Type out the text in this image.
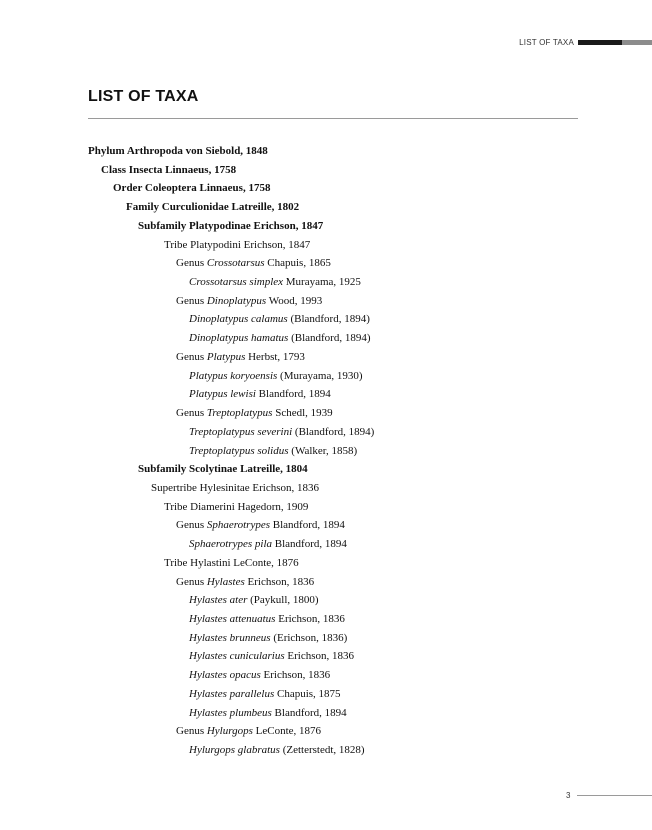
LIST OF TAXA
LIST OF TAXA
Phylum Arthropoda von Siebold, 1848
Class Insecta Linnaeus, 1758
Order Coleoptera Linnaeus, 1758
Family Curculionidae Latreille, 1802
Subfamily Platypodinae Erichson, 1847
Tribe Platypodini Erichson, 1847
Genus Crossotarsus Chapuis, 1865
Crossotarsus simplex Murayama, 1925
Genus Dinoplatypus Wood, 1993
Dinoplatypus calamus (Blandford, 1894)
Dinoplatypus hamatus (Blandford, 1894)
Genus Platypus Herbst, 1793
Platypus koryoensis (Murayama, 1930)
Platypus lewisi Blandford, 1894
Genus Treptoplatypus Schedl, 1939
Treptoplatypus severini (Blandford, 1894)
Treptoplatypus solidus (Walker, 1858)
Subfamily Scolytinae Latreille, 1804
Supertribe Hylesinitae Erichson, 1836
Tribe Diamerini Hagedorn, 1909
Genus Sphaerotrypes Blandford, 1894
Sphaerotrypes pila Blandford, 1894
Tribe Hylastini LeConte, 1876
Genus Hylastes Erichson, 1836
Hylastes ater (Paykull, 1800)
Hylastes attenuatus Erichson, 1836
Hylastes brunneus (Erichson, 1836)
Hylastes cunicularius Erichson, 1836
Hylastes opacus Erichson, 1836
Hylastes parallelus Chapuis, 1875
Hylastes plumbeus Blandford, 1894
Genus Hylurgops LeConte, 1876
Hylurgops glabratus (Zetterstedt, 1828)
3
